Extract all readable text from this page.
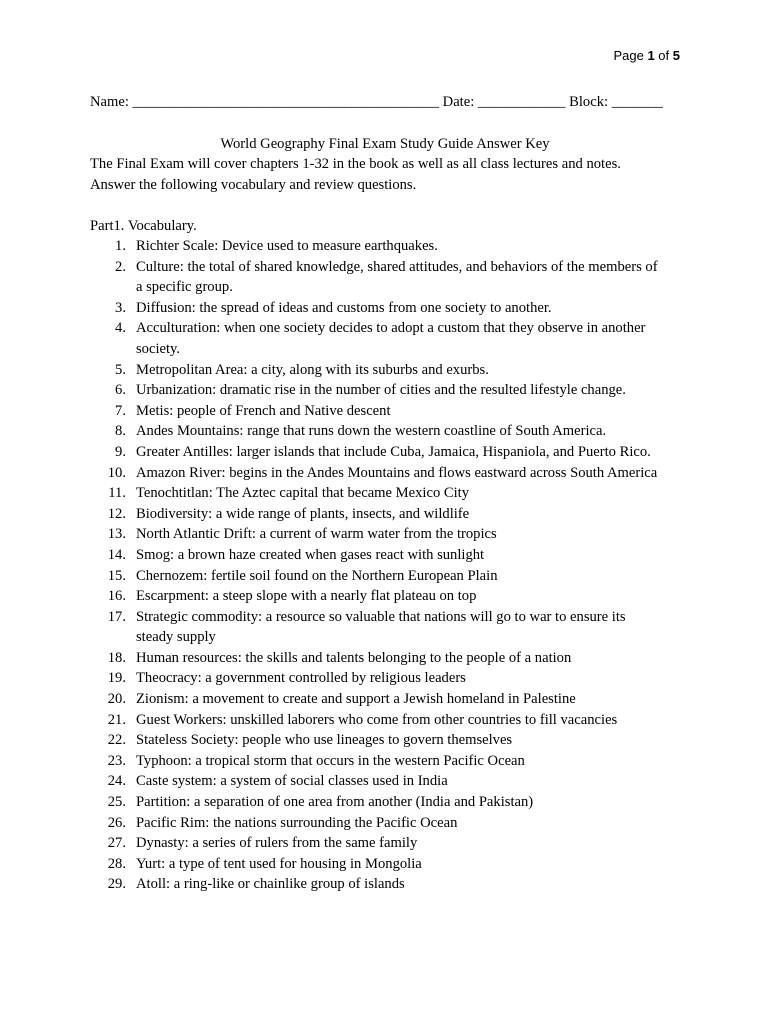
Page 1 of 5
Name: __________________________________________ Date: ____________ Block: _______
World Geography Final Exam Study Guide Answer Key
The Final Exam will cover chapters 1-32 in the book as well as all class lectures and notes.
Answer the following vocabulary and review questions.
Part1. Vocabulary.
1. Richter Scale: Device used to measure earthquakes.
2. Culture: the total of shared knowledge, shared attitudes, and behaviors of the members of
a specific group.
3. Diffusion: the spread of ideas and customs from one society to another.
4. Acculturation: when one society decides to adopt a custom that they observe in another
society.
5. Metropolitan Area: a city, along with its suburbs and exurbs.
6. Urbanization: dramatic rise in the number of cities and the resulted lifestyle change.
7. Metis: people of French and Native descent
8. Andes Mountains: range that runs down the western coastline of South America.
9. Greater Antilles: larger islands that include Cuba, Jamaica, Hispaniola, and Puerto Rico.
10. Amazon River: begins in the Andes Mountains and flows eastward across South America
11. Tenochtitlan: The Aztec capital that became Mexico City
12. Biodiversity: a wide range of plants, insects, and wildlife
13. North Atlantic Drift: a current of warm water from the tropics
14. Smog: a brown haze created when gases react with sunlight
15. Chernozem: fertile soil found on the Northern European Plain
16. Escarpment: a steep slope with a nearly flat plateau on top
17. Strategic commodity: a resource so valuable that nations will go to war to ensure its
steady supply
18. Human resources: the skills and talents belonging to the people of a nation
19. Theocracy: a government controlled by religious leaders
20. Zionism: a movement to create and support a Jewish homeland in Palestine
21. Guest Workers: unskilled laborers who come from other countries to fill vacancies
22. Stateless Society: people who use lineages to govern themselves
23. Typhoon: a tropical storm that occurs in the western Pacific Ocean
24. Caste system: a system of social classes used in India
25. Partition: a separation of one area from another (India and Pakistan)
26. Pacific Rim: the nations surrounding the Pacific Ocean
27. Dynasty: a series of rulers from the same family
28. Yurt: a type of tent used for housing in Mongolia
29. Atoll: a ring-like or chainlike group of islands
